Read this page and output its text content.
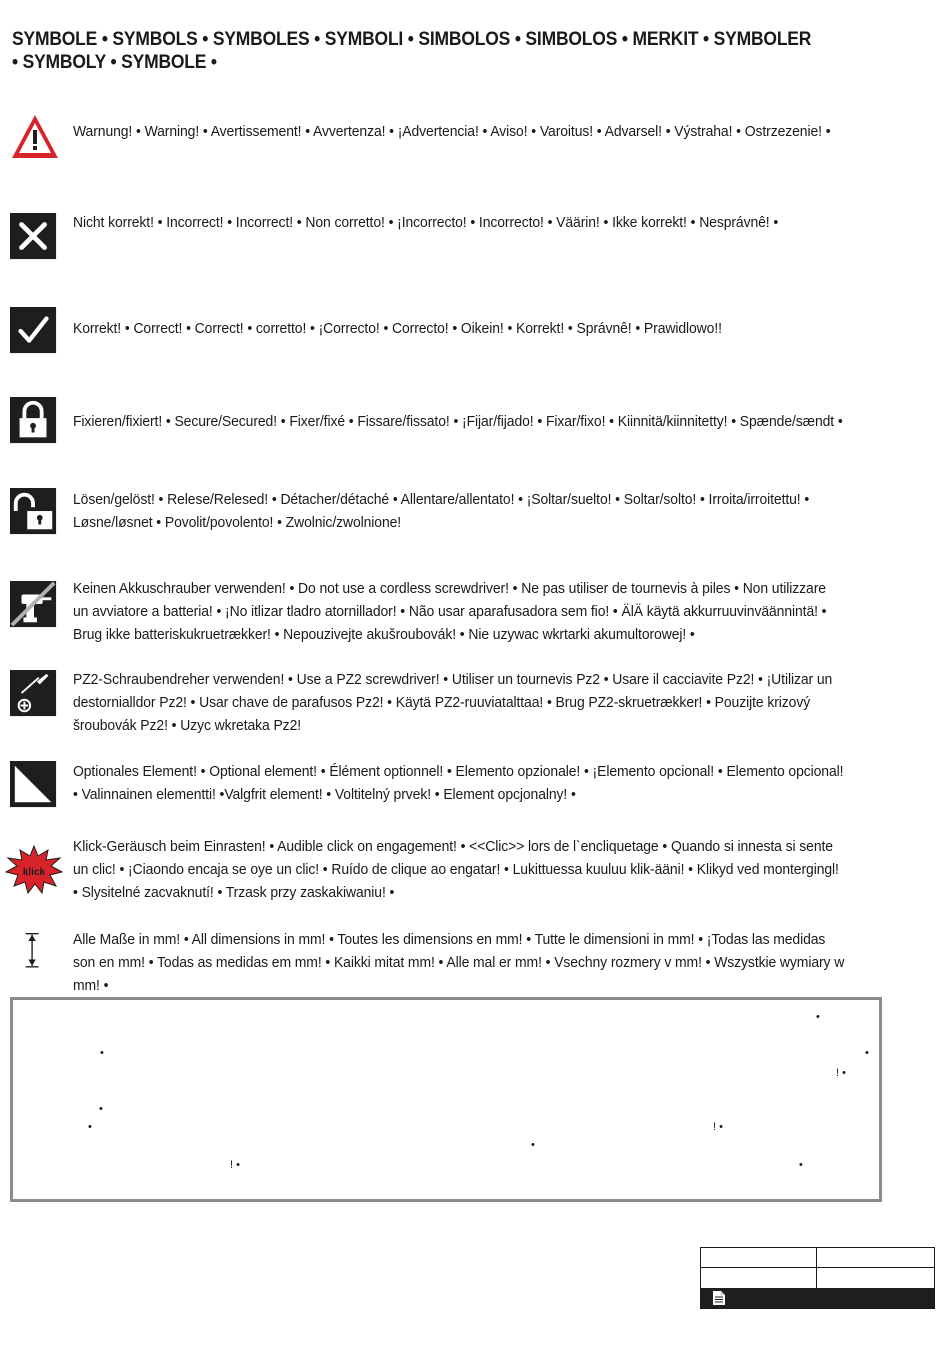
SYMBOLE • SYMBOLS • SYMBOLES • SYMBOLI • SIMBOLOS • SIMBOLOS • MERKIT • SYMBOLER • SYMBOLY • SYMBOLE •
Warnung! • Warning! • Avertissement! • Avvertenza! • ¡Advertencia! • Aviso! • Varoitus! • Advarsel! • Výstraha! • Ostrzezenie! •
Nicht korrekt! • Incorrect! • Incorrect! • Non corretto! • ¡Incorrecto! • Incorrecto! • Väärin! • Ikke korrekt! • Nesprávnê! •
Korrekt! • Correct! • Correct! • corretto! • ¡Correcto! • Correcto! • Oikein! • Korrekt! • Správnê! • Prawidlowo!!
Fixieren/fixiert! • Secure/Secured! • Fixer/fixé • Fissare/fissato! • ¡Fijar/fijado! • Fixar/fixo! • Kiinnitä/kiinnitetty! • Spænde/sændt •
Lösen/gelöst! • Relese/Relesed! • Détacher/détaché • Allentare/allentato! • ¡Soltar/suelto! • Soltar/solto! • Irroita/irroitettu! • Løsne/løsnet • Povolit/povolento! • Zwolnic/zwolnione!
Keinen Akkuschrauber verwenden! • Do not use a cordless screwdriver! • Ne pas utiliser de tournevis à piles • Non utilizzare un avviatore a batteria! • ¡No itlizar tladro atornillador! • Não usar aparafusadora sem fio! • ÄlÄ käytä akkurruuvinväännintä! • Brug ikke batteriskukruetrækker! • Nepouzivejte akušroubovák! • Nie uzywac wkrtarki akumultorowej! •
PZ2-Schraubendreher verwenden! • Use a PZ2 screwdriver! • Utiliser un tournevis Pz2 • Usare il cacciavite Pz2! • ¡Utilizar un destornialldor Pz2! • Usar chave de parafusos Pz2! • Käytä PZ2-ruuviatalttaa! • Brug PZ2-skruetrækker! • Pouzijte krizový šroubovák Pz2! • Uzyc wkretaka Pz2!
Optionales Element! • Optional element! • Élément optionnel! • Elemento opzionale! • ¡Elemento opcional! • Elemento opcional! • Valinnainen elementti! •Valgfrit element! • Voltitelný prvek! • Element opcjonalny! •
klick
Klick-Geräusch beim Einrasten! • Audible click on engagement! • <<Clic>> lors de l`encliquetage • Quando si innesta si sente un clic! • ¡Ciaondo encaja se oye un clic! • Ruído de clique ao engatar! • Lukittuessa kuuluu klik-ääni! • Klikyd ved montergingl! • Slysitelné zacvaknutí! • Trzask przy zaskakiwaniu! •
Alle Maße in mm! • All dimensions in mm! • Toutes les dimensions en mm! • Tutte le dimensioni in mm! • ¡Todas las medidas son en mm! • Todas as medidas em mm! • Kaikki mitat mm! • Alle mal er mm! • Vsechny rozmery v mm! • Wszystkie wymiary w mm! •
•
•	•
! •
•
•	! •
•
! •	•
